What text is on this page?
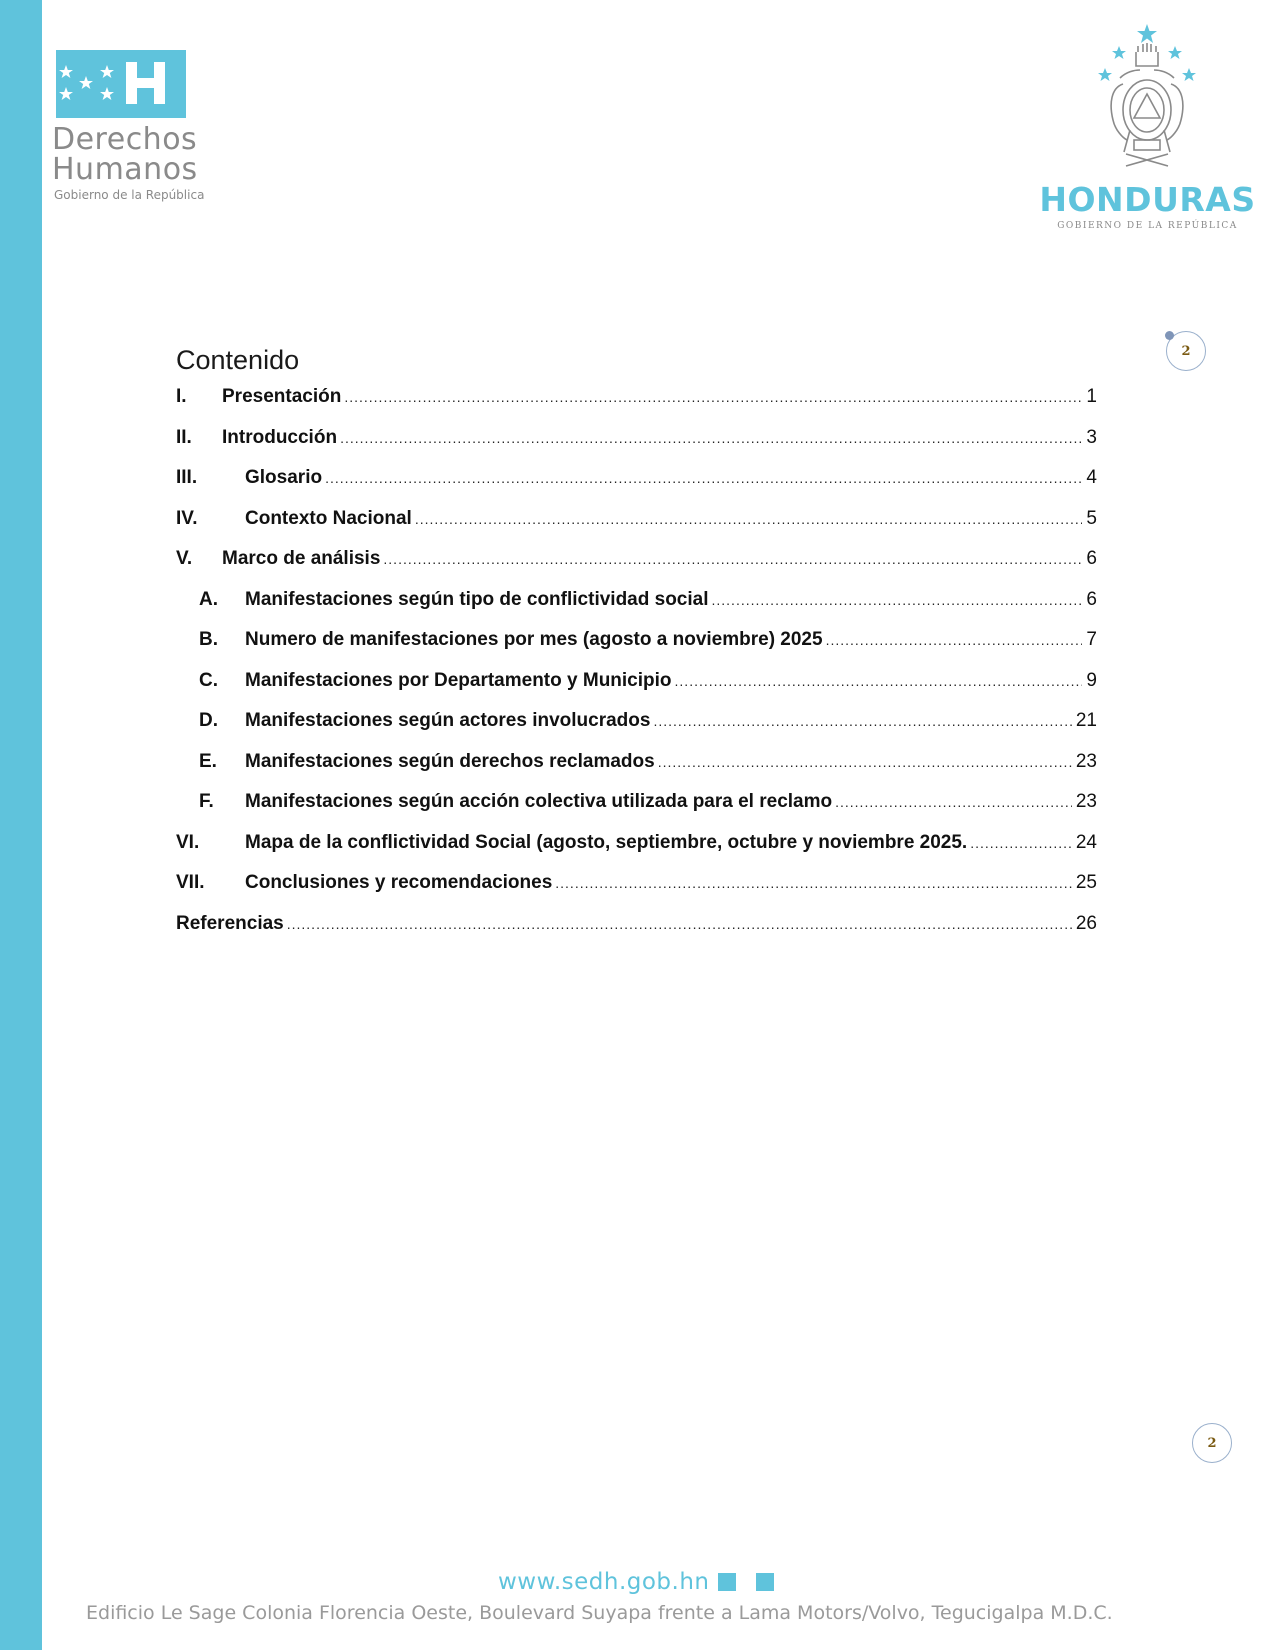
Derechos
Humanos
Gobierno de la República	HONDURAS
GOBIERNO DE LA REPÚBLICA
2
Contenido
I.	Presentación .....	1
II.	Introducción .....	3
III.	Glosario .....	4
IV.	Contexto Nacional .....	5
V.	Marco de análisis .....	6
A.	Manifestaciones según tipo de conflictividad social .....	6
B.	Numero de manifestaciones por mes (agosto a noviembre) 2025 .....	7
C.	Manifestaciones por Departamento y Municipio .....	9
D.	Manifestaciones según actores involucrados .....	21
E.	Manifestaciones según derechos reclamados .....	23
F.	Manifestaciones según acción colectiva utilizada para el reclamo .....	23
VI.	Mapa de la conflictividad Social (agosto, septiembre, octubre y noviembre 2025. .....	24
VII.	Conclusiones y recomendaciones .....	25
Referencias .....	26
2
www.sedh.gob.hn
Edificio Le Sage Colonia Florencia Oeste, Boulevard Suyapa frente a Lama Motors/Volvo, Tegucigalpa M.D.C.
